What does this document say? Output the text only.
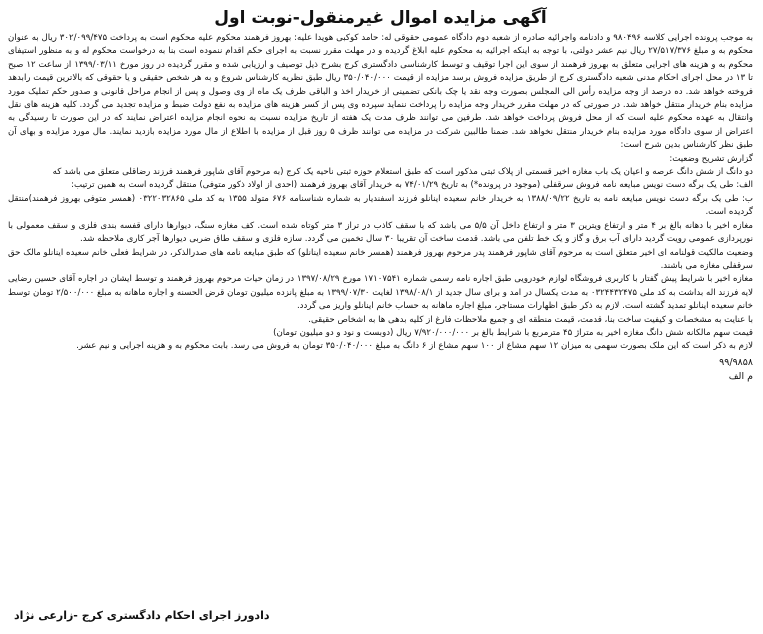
آگهی مزایده اموال غیرمنقول-نوبت اول

به موجب پرونده اجرایی کلاسه ۹۸۰۴۹۶ و دادنامه واجرائیه صادره از شعبه دوم دادگاه عمومی حقوقی له: حامد کوکبی هویدا علیه: بهروز فرهمند محکوم علیه محکوم است به پرداخت ۳۰۲/۰۹۹/۴۷۵ ریال به عنوان محکوم به و مبلغ ۲۷/۵۱۷/۳۷۶ ریال نیم عشر دولتی، با توجه به اینکه اجرائیه به محکوم علیه ابلاغ گردیده و در مهلت مقرر نسبت به اجرای حکم اقدام ننموده است بنا به درخواست محکوم له و به منظور استیفای محکوم به و هزینه های اجرایی متعلق به بهروز فرهمند از سوی این اجرا توقیف و توسط کارشناسی دادگستری کرج بشرح ذیل توصیف و ارزیابی شده و مقرر گردیده در روز مورخ ۱۳۹۹/۰۳/۱۱ از ساعت ۱۲ صبح تا ۱۳ در محل اجرای احکام مدنی شعبه دادگستری کرج از طریق مزایده فروش برسد مزایده از قیمت ۳۵۰/۰۴۰/۰۰۰ ریال طبق نظریه کارشناس شروع و به هر شخص حقیقی و یا حقوقی که بالاترین قیمت رابدهد فروخته خواهد شد. ده درصد از وجه مزایده رأس الی المجلس بصورت وجه نقد یا چک بانکی تضمینی از خریدار اخذ و الباقی ظرف یک ماه از وی وصول و پس از انجام مراحل قانونی و صدور حکم تملیک مورد مزایده بنام خریدار منتقل خواهد شد. در صورتی که در مهلت مقرر خریدار وجه مزایده را پرداخت ننماید سپرده وی پس از کسر هزینه های مزایده به نفع دولت ضبط و مزایده تجدید می گردد. کلیه هزینه های نقل وانتقال به عهده محکوم علیه است که از محل فروش پرداخت خواهد شد. طرفین می توانند ظرف مدت یک هفته از تاریخ مزایده نسبت به نحوه انجام مزایده اعتراض نمایند که در این صورت تا رسیدگی به اعتراض از سوی دادگاه مورد مزایده بنام خریدار منتقل نخواهد شد. ضمنا طالبین شرکت در مزایده می توانند ظرف ۵ روز قبل از مزایده با اطلاع از مال مورد مزایده بازدید نمایند. مال مورد مزایده و بهای آن طبق نظر کارشناس بدین شرح است:
گزارش تشریح وضعیت:
دو دانگ از شش دانگ عرصه و اعیان یک باب مغازه اخیر قسمتی از پلاک ثبتی مذکور است که طبق استعلام حوزه ثبتی ناحیه یک کرج (به مرحوم آقای شاپور فرهمند فرزند رضاقلی متعلق می باشد که
الف: طی یک برگه دست نویس مبایعه نامه فروش سرقفلی (موجود در پرونده*) به تاریخ ۷۴/۰۱/۲۹ به خریدار آقای بهروز فرهمند (احدی از اولاد ذکور متوفی) منتقل گردیده است به همین ترتیب:
ب: طی یک برگه دست نویس مبایعه نامه به تاریخ ۱۳۸۸/۰۹/۲۲ به خریدار خانم سعیده اینانلو فرزند اسفندیار به شماره شناسنامه ۶۷۶ متولد ۱۳۵۵ به کد ملی ۰۳۲۲۰۳۲۸۶۵ (همسر متوفی بهروز فرهمند)منتقل گردیده است.
مغازه اخیر با دهانه بالغ بر ۴ متر و ارتفاع ویترین ۳ متر و ارتفاع داخل آن ۵/۵ می باشد که با سقف کاذب در تراز ۳ متر کوتاه شده است. کف مغازه سنگ، دیوارها دارای قفسه بندی فلزی و سقف معمولی با نورپردازی عمومی رویت گردید دارای آب برق و گاز و یک خط تلفن می باشد. قدمت ساخت آن تقریبا ۳۰ سال تخمین می گردد. سازه فلزی و سقف طاق ضربی دیوارها آجر کاری ملاحظه شد.
وضعیت مالکیت قولنامه ای اخیر متعلق است به مرحوم آقای شاپور فرهمند پدر مرحوم بهروز فرهمند (همسر خانم سعیده اینانلو) که طبق مبایعه نامه های صدرالذکر، در شرایط فعلی خانم سعیده اینانلو مالک حق سرقفلی مغازه می باشند.
مغازه اخیر با شرایط پیش گفتار با کاربری فروشگاه لوازم خودرویی طبق اجاره نامه رسمی شماره ۱۷۱۰۷۵۴۱ مورخ ۱۳۹۷/۰۸/۲۹ در زمان حیات مرحوم بهروز فرهمند و توسط ایشان در اجاره آقای حسین رضایی لایه فرزند اله بداشت به کد ملی ۰۳۲۴۴۳۲۴۷۵ به مدت یکسال در امد و برای سال جدید از ۱۳۹۸/۰۸/۱ لغایت ۱۳۹۹/۰۷/۳۰ به مبلغ پانزده میلیون تومان قرض الحسنه و اجاره ماهانه به مبلغ ۲/۵۰۰/۰۰۰ تومان توسط خانم سعیده اینانلو تمدید گشته است. لازم به ذکر طبق اظهارات مستاجر، مبلغ اجاره ماهانه به حساب خانم اینانلو واریز می گردد.
با عنایت به مشخصات و کیفیت ساخت بنا، قدمت، قیمت منطقه ای و جمیع ملاحظات فارغ از کلیه بدهی ها به اشخاص حقیقی.
قیمت سهم مالکانه شش دانگ مغازه اخیر به متراژ ۴۵ مترمربع با شرایط بالغ بر ۷/۹۲۰/۰۰۰/۰۰۰ ریال (دوبست و نود و دو میلیون تومان)
لازم به ذکر است که این ملک بصورت سهمی به میزان ۱۲ سهم مشاع از ۱۰۰ سهم مشاع از ۶ دانگ به مبلغ ۳۵۰/۰۴۰/۰۰۰ تومان به فروش می رسد. بابت محکوم به و هزینه اجرایی و نیم عشر.

۹۹/۹۸۵۸
م الف
دادورز اجرای احکام دادگستری کرج -زارعی نژاد
